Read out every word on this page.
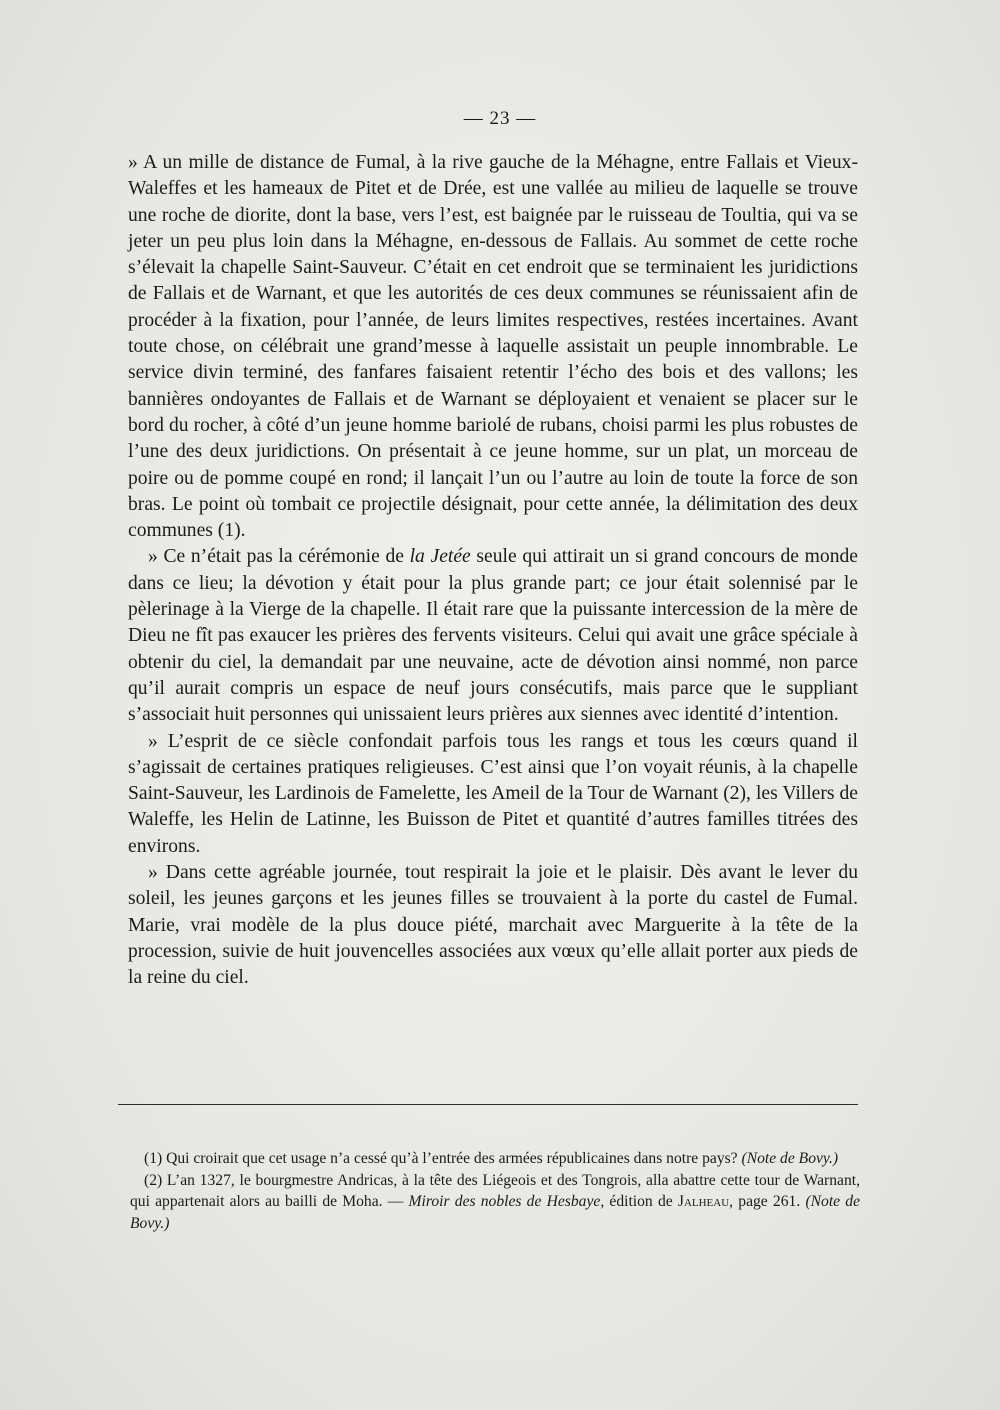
— 23 —

» A un mille de distance de Fumal, à la rive gauche de la Méhagne, entre Fallais et Vieux-Waleffes et les hameaux de Pitet et de Drée, est une vallée au milieu de laquelle se trouve une roche de diorite, dont la base, vers l’est, est baignée par le ruisseau de Toultia, qui va se jeter un peu plus loin dans la Méhagne, en-dessous de Fallais. Au sommet de cette roche s’élevait la chapelle Saint-Sauveur. C’était en cet endroit que se terminaient les juridictions de Fallais et de Warnant, et que les autorités de ces deux communes se réunissaient afin de procéder à la fixation, pour l’année, de leurs limites respectives, restées incertaines. Avant toute chose, on célébrait une grand’messe à laquelle assistait un peuple innombrable. Le service divin terminé, des fanfares faisaient retentir l’écho des bois et des vallons; les bannières ondoyantes de Fallais et de Warnant se déployaient et venaient se placer sur le bord du rocher, à côté d’un jeune homme bariolé de rubans, choisi parmi les plus robustes de l’une des deux juridictions. On présentait à ce jeune homme, sur un plat, un morceau de poire ou de pomme coupé en rond; il lançait l’un ou l’autre au loin de toute la force de son bras. Le point où tombait ce projectile désignait, pour cette année, la délimitation des deux communes (1).

» Ce n’était pas la cérémonie de la Jetée seule qui attirait un si grand concours de monde dans ce lieu; la dévotion y était pour la plus grande part; ce jour était solennisé par le pèlerinage à la Vierge de la chapelle. Il était rare que la puissante intercession de la mère de Dieu ne fît pas exaucer les prières des fervents visiteurs. Celui qui avait une grâce spéciale à obtenir du ciel, la demandait par une neuvaine, acte de dévotion ainsi nommé, non parce qu’il aurait compris un espace de neuf jours consécutifs, mais parce que le suppliant s’associait huit personnes qui unissaient leurs prières aux siennes avec identité d’intention.

» L’esprit de ce siècle confondait parfois tous les rangs et tous les cœurs quand il s’agissait de certaines pratiques religieuses. C’est ainsi que l’on voyait réunis, à la chapelle Saint-Sauveur, les Lardinois de Famelette, les Ameil de la Tour de Warnant (2), les Villers de Waleffe, les Helin de Latinne, les Buisson de Pitet et quantité d’autres familles titrées des environs.

» Dans cette agréable journée, tout respirait la joie et le plaisir. Dès avant le lever du soleil, les jeunes garçons et les jeunes filles se trouvaient à la porte du castel de Fumal. Marie, vrai modèle de la plus douce piété, marchait avec Marguerite à la tête de la procession, suivie de huit jouvencelles associées aux vœux qu’elle allait porter aux pieds de la reine du ciel.

(1) Qui croirait que cet usage n’a cessé qu’à l’entrée des armées républicaines dans notre pays? (Note de Bovy.)

(2) L’an 1327, le bourgmestre Andricas, à la tête des Liégeois et des Tongrois, alla abattre cette tour de Warnant, qui appartenait alors au bailli de Moha. — Miroir des nobles de Hesbaye, édition de Jalheau, page 261. (Note de Bovy.)
